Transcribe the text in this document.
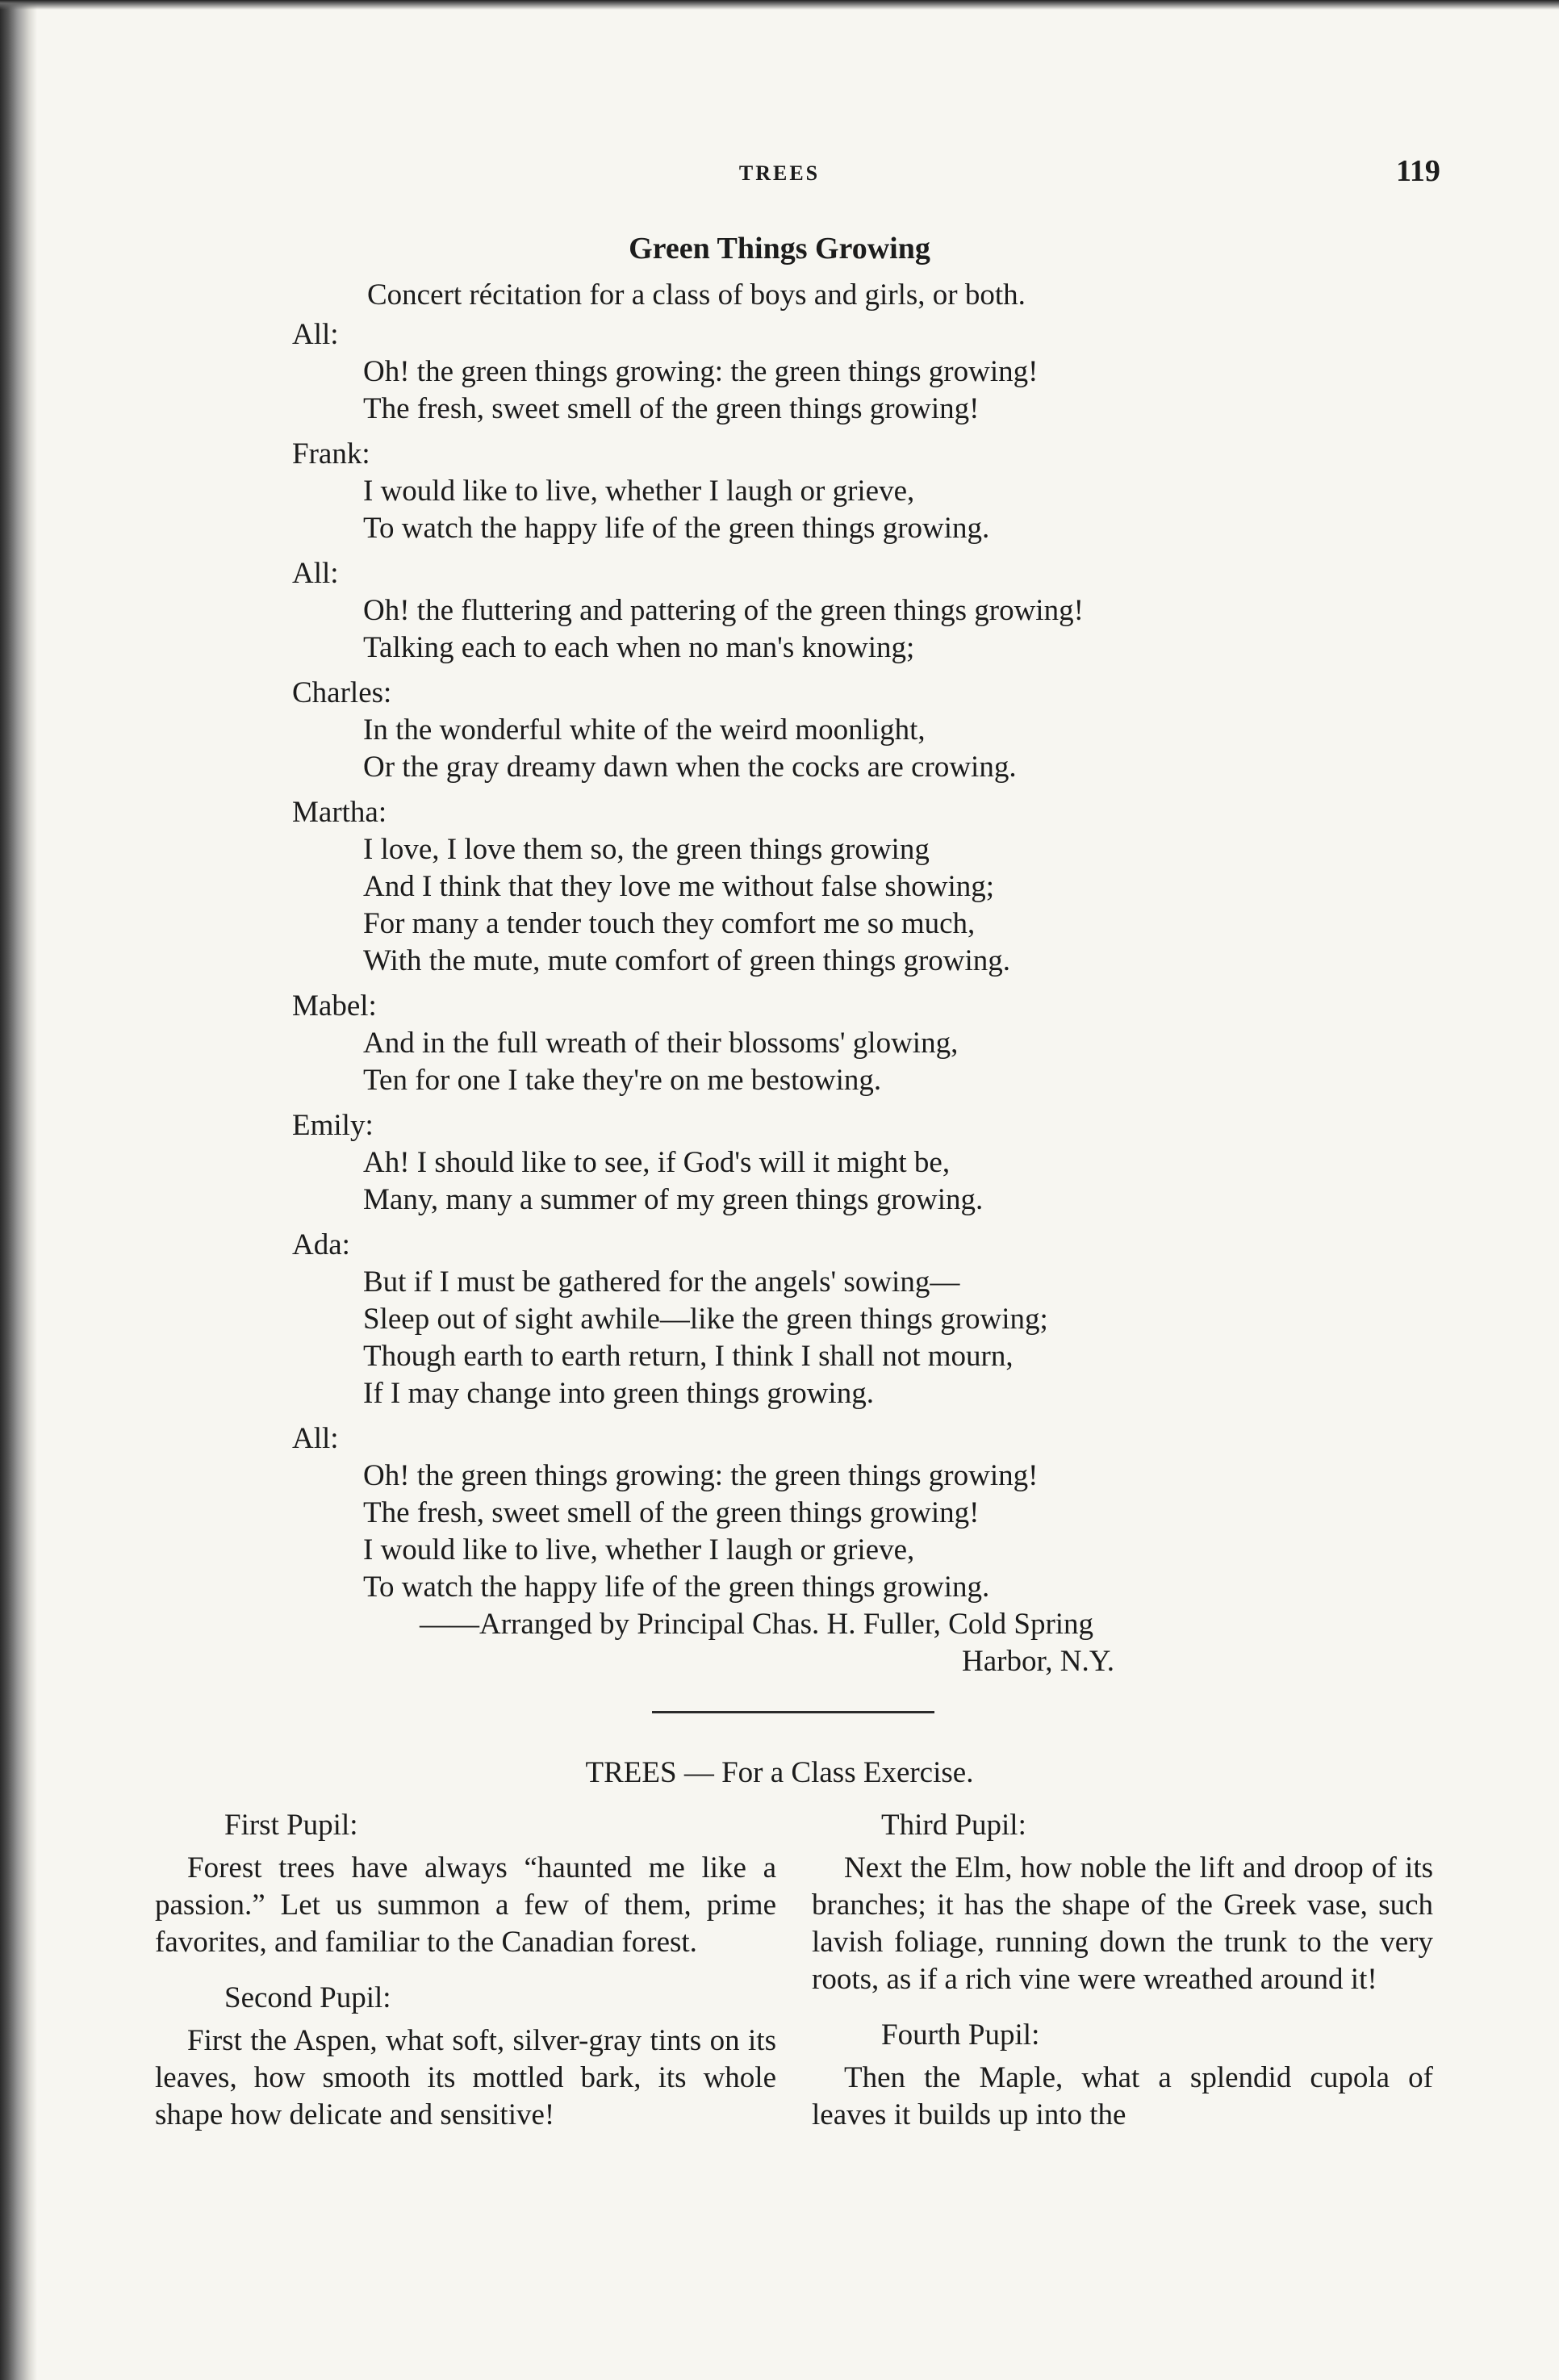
TREES	119
Green Things Growing
Concert récitation for a class of boys and girls, or both.
All:
Oh! the green things growing: the green things growing!
The fresh, sweet smell of the green things growing!
Frank:
I would like to live, whether I laugh or grieve,
To watch the happy life of the green things growing.
All:
Oh! the fluttering and pattering of the green things growing!
Talking each to each when no man's knowing;
Charles:
In the wonderful white of the weird moonlight,
Or the gray dreamy dawn when the cocks are crowing.
Martha:
I love, I love them so, the green things growing
And I think that they love me without false showing;
For many a tender touch they comfort me so much,
With the mute, mute comfort of green things growing.
Mabel:
And in the full wreath of their blossoms' glowing,
Ten for one I take they're on me bestowing.
Emily:
Ah! I should like to see, if God's will it might be,
Many, many a summer of my green things growing.
Ada:
But if I must be gathered for the angels' sowing—
Sleep out of sight awhile—like the green things growing;
Though earth to earth return, I think I shall not mourn,
If I may change into green things growing.
All:
Oh! the green things growing: the green things growing!
The fresh, sweet smell of the green things growing!
I would like to live, whether I laugh or grieve,
To watch the happy life of the green things growing.
——Arranged by Principal Chas. H. Fuller, Cold Spring
Harbor, N.Y.
TREES — For a Class Exercise.
First Pupil:

Forest trees have always “haunted me like a passion.” Let us summon a few of them, prime favorites, and familiar to the Canadian forest.

Second Pupil:

First the Aspen, what soft, silver-gray tints on its leaves, how smooth its mottled bark, its whole shape how delicate and sensitive!

Third Pupil:

Next the Elm, how noble the lift and droop of its branches; it has the shape of the Greek vase, such lavish foliage, running down the trunk to the very roots, as if a rich vine were wreathed around it!

Fourth Pupil:

Then the Maple, what a splendid cupola of leaves it builds up into the
